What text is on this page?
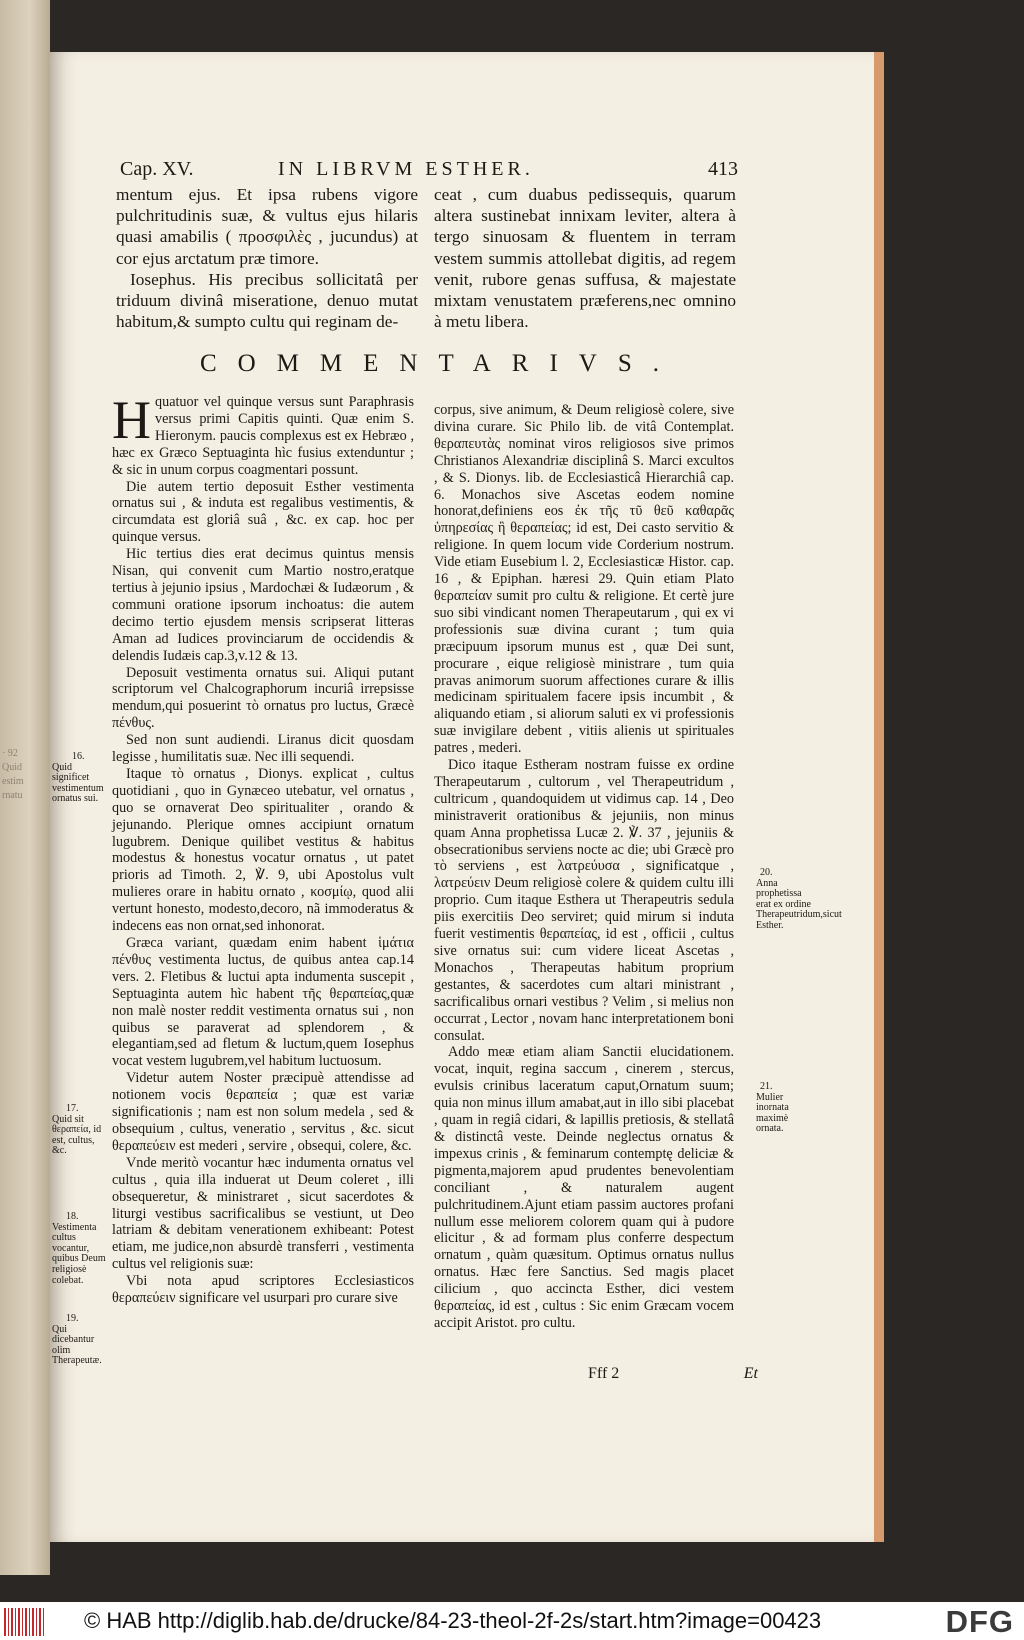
· 92
Quid
estim
rnatu
Cap. XV.	IN LIBRVM ESTHER.	413

mentum ejus. Et ipsa rubens vigore pulchritudinis suæ, & vultus ejus hilaris quasi amabilis ( προσφιλὲς , jucundus) at cor ejus arctatum præ timore.

Iosephus. His precibus sollicitatâ per triduum divinâ miseratione, denuo mutat habitum,& sumpto cultu qui reginam de-

ceat , cum duabus pedissequis, quarum altera sustinebat innixam leviter, altera à tergo sinuosam & fluentem in terram vestem summis attollebat digitis, ad regem venit, rubore genas suffusa, & majestate mixtam venustatem præferens,nec omnino à metu libera.

COMMENTARIVS.

Hquatuor vel quinque versus sunt Paraphrasis versus primi Capitis quinti. Quæ enim S. Hieronym. paucis complexus est ex Hebræo , hæc ex Græco Septuaginta hìc fusius extenduntur ; & sic in unum corpus coagmentari possunt.

Die autem tertio deposuit Esther vestimenta ornatus sui , & induta est regalibus vestimentis, & circumdata est gloriâ suâ , &c. ex cap. hoc per quinque versus.

Hic tertius dies erat decimus quintus mensis Nisan, qui convenit cum Martio nostro,eratque tertius à jejunio ipsius , Mardochæi & Iudæorum , & communi oratione ipsorum inchoatus: die autem decimo tertio ejusdem mensis scripserat litteras Aman ad Iudices provinciarum de occidendis & delendis Iudæis cap.3,v.12 & 13.

Deposuit vestimenta ornatus sui. Aliqui putant scriptorum vel Chalcographorum incuriâ irrepsisse mendum,qui posuerint τὸ ornatus pro luctus, Græcè πένθυς.

Sed non sunt audiendi. Liranus dicit quosdam legisse , humilitatis suæ. Nec illi sequendi.

Itaque τὸ ornatus , Dionys. explicat , cultus quotidiani , quo in Gynæceo utebatur, vel ornatus , quo se ornaverat Deo spiritualiter , orando & jejunando. Plerique omnes accipiunt ornatum lugubrem. Denique quilibet vestitus & habitus modestus & honestus vocatur ornatus , ut patet prioris ad Timoth. 2, ℣. 9, ubi Apostolus vult mulieres orare in habitu ornato , κοσμίῳ, quod alii vertunt honesto, modesto,decoro, nã immoderatus & indecens eas non ornat,sed inhonorat.

Græca variant, quædam enim habent ἱμάτια πένθυς vestimenta luctus, de quibus antea cap.14 vers. 2. Fletibus & luctui apta indumenta suscepit , Septuaginta autem hìc habent τῆς θεραπείας,quæ non malè noster reddit vestimenta ornatus sui , non quibus se paraverat ad splendorem , & elegantiam,sed ad fletum & luctum,quem Iosephus vocat vestem lugubrem,vel habitum luctuosum.

Videtur autem Noster præcipuè attendisse ad notionem vocis θεραπεία ; quæ est variæ significationis ; nam est non solum medela , sed & obsequium , cultus, veneratio , servitus , &c. sicut θεραπεύειν est mederi , servire , obsequi, colere, &c.

Vnde meritò vocantur hæc indumenta ornatus vel cultus , quia illa induerat ut Deum coleret , illi obsequeretur, & ministraret , sicut sacerdotes & liturgi vestibus sacrificalibus se vestiunt, ut Deo latriam & debitam venerationem exhibeant: Potest etiam, me judice,non absurdè transferri , vestimenta cultus vel religionis suæ:

Vbi nota apud scriptores Ecclesiasticos θεραπεύειν significare vel usurpari pro curare sive

corpus, sive animum, & Deum religiosè colere, sive divina curare. Sic Philo lib. de vitâ Contemplat. θεραπευτὰς nominat viros religiosos sive primos Christianos Alexandriæ disciplinâ S. Marci excultos , & S. Dionys. lib. de Ecclesiasticâ Hierarchiâ cap. 6. Monachos sive Ascetas eodem nomine honorat,definiens eos ἐκ τῆς τῦ θεῦ καθαρᾶς ὑπηρεσίας ἢ θεραπείας; id est, Dei casto servitio & religione. In quem locum vide Corderium nostrum. Vide etiam Eusebium l. 2, Ecclesiasticæ Histor. cap. 16 , & Epiphan. hæresi 29. Quin etiam Plato θεραπείαν sumit pro cultu & religione. Et certè jure suo sibi vindicant nomen Therapeutarum , qui ex vi professionis suæ divina curant ; tum quia præcipuum ipsorum munus est , quæ Dei sunt, procurare , eique religiosè ministrare , tum quia pravas animorum suorum affectiones curare & illis medicinam spiritualem facere ipsis incumbit , & aliquando etiam , si aliorum saluti ex vi professionis suæ invigilare debent , vitiis alienis ut spirituales patres , mederi.

Dico itaque Estheram nostram fuisse ex ordine Therapeutarum , cultorum , vel Therapeutridum , cultricum , quandoquidem ut vidimus cap. 14 , Deo ministraverit orationibus & jejuniis, non minus quam Anna prophetissa Lucæ 2. ℣. 37 , jejuniis & obsecrationibus serviens nocte ac die; ubi Græcè pro τὸ serviens , est λατρεύυσα , significatque , λατρεύειν Deum religiosè colere & quidem cultu illi proprio. Cum itaque Esthera ut Therapeutris sedula piis exercitiis Deo serviret; quid mirum si induta fuerit vestimentis θεραπείας, id est , officii , cultus sive ornatus sui: cum videre liceat Ascetas , Monachos , Therapeutas habitum proprium gestantes, & sacerdotes cum altari ministrant , sacrificalibus ornari vestibus ? Velim , si melius non occurrat , Lector , novam hanc interpretationem boni consulat.

Addo meæ etiam aliam Sanctii elucidationem. vocat, inquit, regina saccum , cinerem , stercus, evulsis crinibus laceratum caput,Ornatum suum; quia non minus illum amabat,aut in illo sibi placebat , quam in regiâ cidari, & lapillis pretiosis, & stellatâ & distinctâ veste. Deinde neglectus ornatus & impexus crinis , & feminarum contemptę deliciæ & pigmenta,majorem apud prudentes benevolentiam conciliant , & naturalem augent pulchritudinem.Ajunt etiam passim auctores profani nullum esse meliorem colorem quam qui à pudore elicitur , & ad formam plus conferre despectum ornatum , quàm quæsitum. Optimus ornatus nullus ornatus. Hæc fere Sanctius. Sed magis placet cilicium , quo accincta Esther, dici vestem θεραπείας, id est , cultus : Sic enim Græcam vocem accipit Aristot. pro cultu.

16.
Quid significet vestimentum ornatus sui.
17.
Quid sit θεραπεία, id est, cultus, &c.
18.
Vestimenta cultus vocantur, quibus Deum religiosè colebat.
19.
Qui dicebantur olim Therapeutæ.
20.
Anna prophetissa erat ex ordine Therapeutridum,sicut Esther.
21.
Mulier inornata maximè ornata.
Fff 2	Et
© HAB http://diglib.hab.de/drucke/84-23-theol-2f-2s/start.htm?image=00423	DFG
